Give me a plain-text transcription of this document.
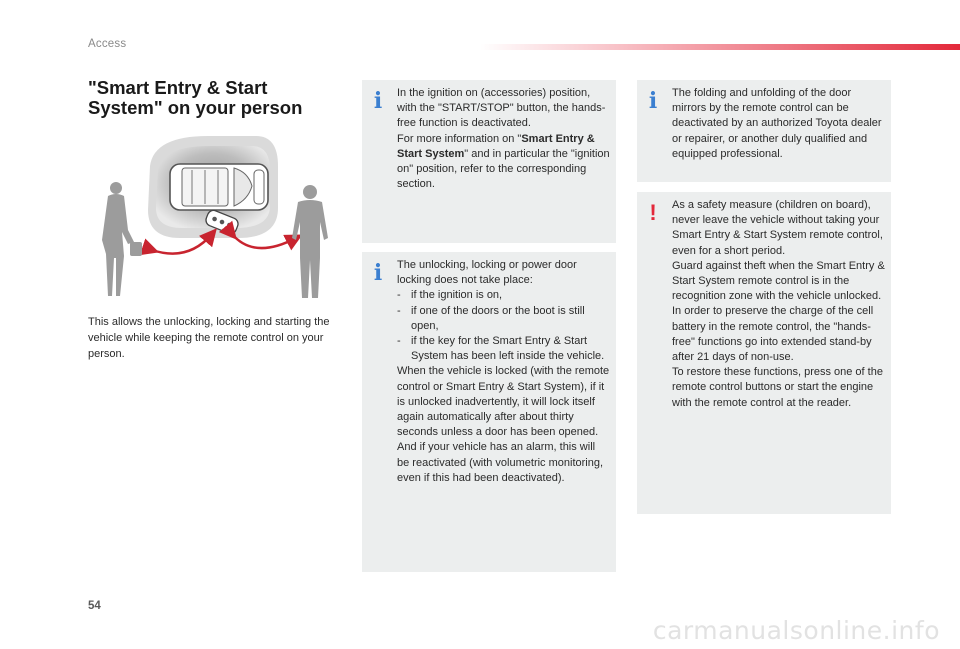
Access
"Smart Entry & Start
System" on your person

This allows the unlocking, locking and starting the vehicle while keeping the remote control on your person.

i In the ignition on (accessories) position, with the "START/STOP" button, the hands-free function is deactivated.
For more information on "Smart Entry & Start System" and in particular the "ignition on" position, refer to the corresponding section.
i The unlocking, locking or power door locking does not take place:

- if the ignition is on,
- if one of the doors or the boot is still open,
- if the key for the Smart Entry & Start System has been left inside the vehicle.

When the vehicle is locked (with the remote control or Smart Entry & Start System), if it is unlocked inadvertently, it will lock itself again automatically after about thirty seconds unless a door has been opened.

And if your vehicle has an alarm, this will be reactivated (with volumetric monitoring, even if this had been deactivated).

i The folding and unfolding of the door mirrors by the remote control can be deactivated by an authorized Toyota dealer or repairer, or another duly qualified and equipped professional.
!	As a safety measure (children on board), never leave the vehicle without taking your Smart Entry & Start System remote control, even for a short period.
Guard against theft when the Smart Entry & Start System remote control is in the recognition zone with the vehicle unlocked.
In order to preserve the charge of the cell battery in the remote control, the "hands-free" functions go into extended stand-by after 21 days of non-use.
To restore these functions, press one of the remote control buttons or start the engine with the remote control at the reader.
54
carmanualsonline.info
